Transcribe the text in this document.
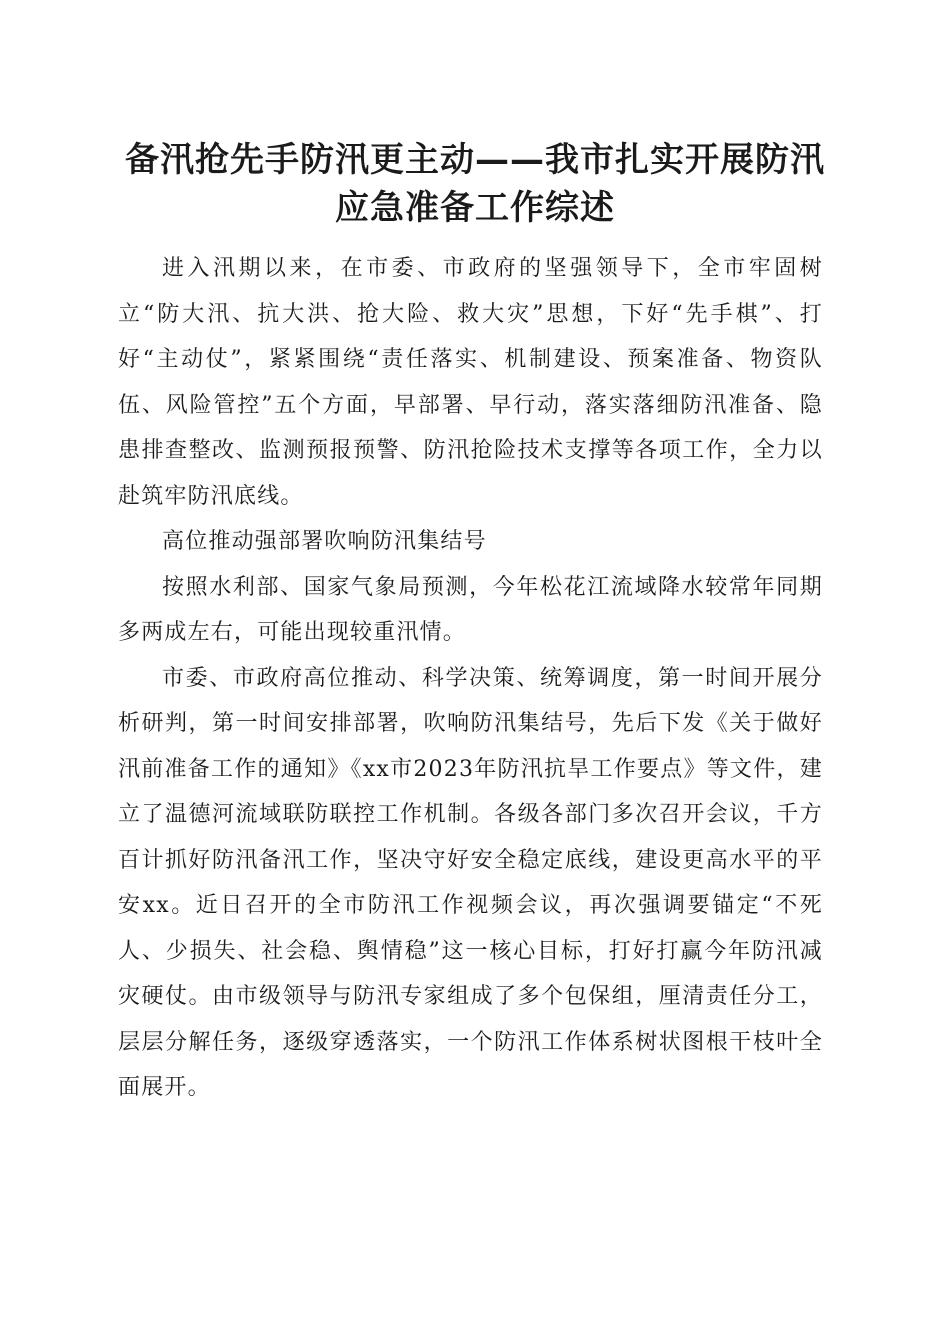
备汛抢先手防汛更主动——我市扎实开展防汛
应急准备工作综述

进入汛期以来，在市委、市政府的坚强领导下，全市牢固树立“防大汛、抗大洪、抢大险、救大灾”思想，下好“先手棋”、打好“主动仗”，紧紧围绕“责任落实、机制建设、预案准备、物资队伍、风险管控”五个方面，早部署、早行动，落实落细防汛准备、隐患排查整改、监测预报预警、防汛抢险技术支撑等各项工作，全力以赴筑牢防汛底线。

高位推动强部署吹响防汛集结号

按照水利部、国家气象局预测，今年松花江流域降水较常年同期多两成左右，可能出现较重汛情。

市委、市政府高位推动、科学决策、统筹调度，第一时间开展分析研判，第一时间安排部署，吹响防汛集结号，先后下发《关于做好汛前准备工作的通知》《xx市2023年防汛抗旱工作要点》等文件，建立了温德河流域联防联控工作机制。各级各部门多次召开会议，千方百计抓好防汛备汛工作，坚决守好安全稳定底线，建设更高水平的平安xx。近日召开的全市防汛工作视频会议，再次强调要锚定“不死人、少损失、社会稳、舆情稳”这一核心目标，打好打赢今年防汛减灾硬仗。由市级领导与防汛专家组成了多个包保组，厘清责任分工，层层分解任务，逐级穿透落实，一个防汛工作体系树状图根干枝叶全面展开。
